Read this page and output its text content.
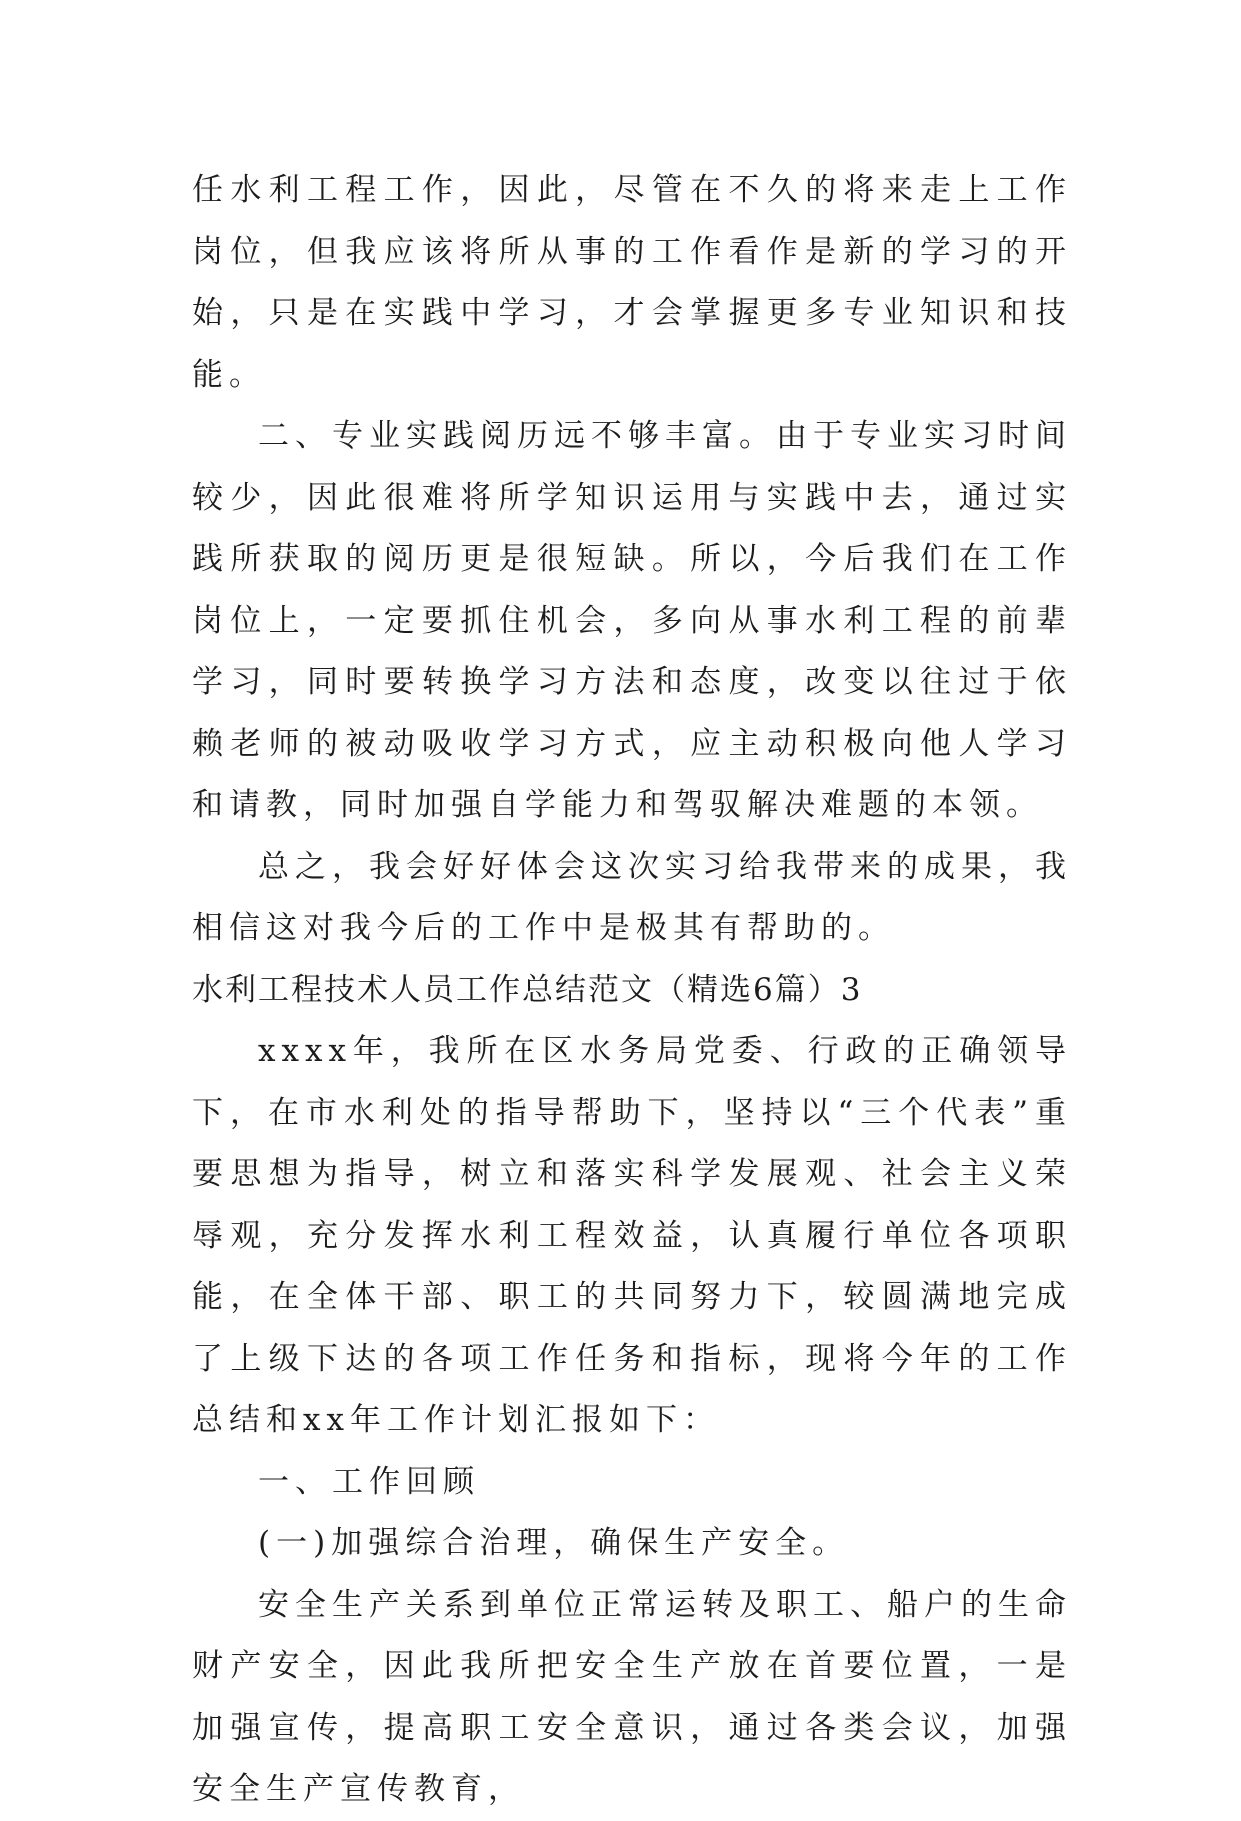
任水利工程工作，因此，尽管在不久的将来走上工作岗位，但我应该将所从事的工作看作是新的学习的开始，只是在实践中学习，才会掌握更多专业知识和技能。

二、专业实践阅历远不够丰富。由于专业实习时间较少，因此很难将所学知识运用与实践中去，通过实践所获取的阅历更是很短缺。所以，今后我们在工作岗位上，一定要抓住机会，多向从事水利工程的前辈学习，同时要转换学习方法和态度，改变以往过于依赖老师的被动吸收学习方式，应主动积极向他人学习和请教，同时加强自学能力和驾驭解决难题的本领。

总之，我会好好体会这次实习给我带来的成果，我相信这对我今后的工作中是极其有帮助的。

水利工程技术人员工作总结范文（精选6篇）3

xxxx年，我所在区水务局党委、行政的正确领导下，在市水利处的指导帮助下，坚持以“三个代表”重要思想为指导，树立和落实科学发展观、社会主义荣辱观，充分发挥水利工程效益，认真履行单位各项职能，在全体干部、职工的共同努力下，较圆满地完成了上级下达的各项工作任务和指标，现将今年的工作总结和xx年工作计划汇报如下：

一、工作回顾

(一)加强综合治理，确保生产安全。

安全生产关系到单位正常运转及职工、船户的生命财产安全，因此我所把安全生产放在首要位置，一是加强宣传，提高职工安全意识，通过各类会议，加强安全生产宣传教育，
